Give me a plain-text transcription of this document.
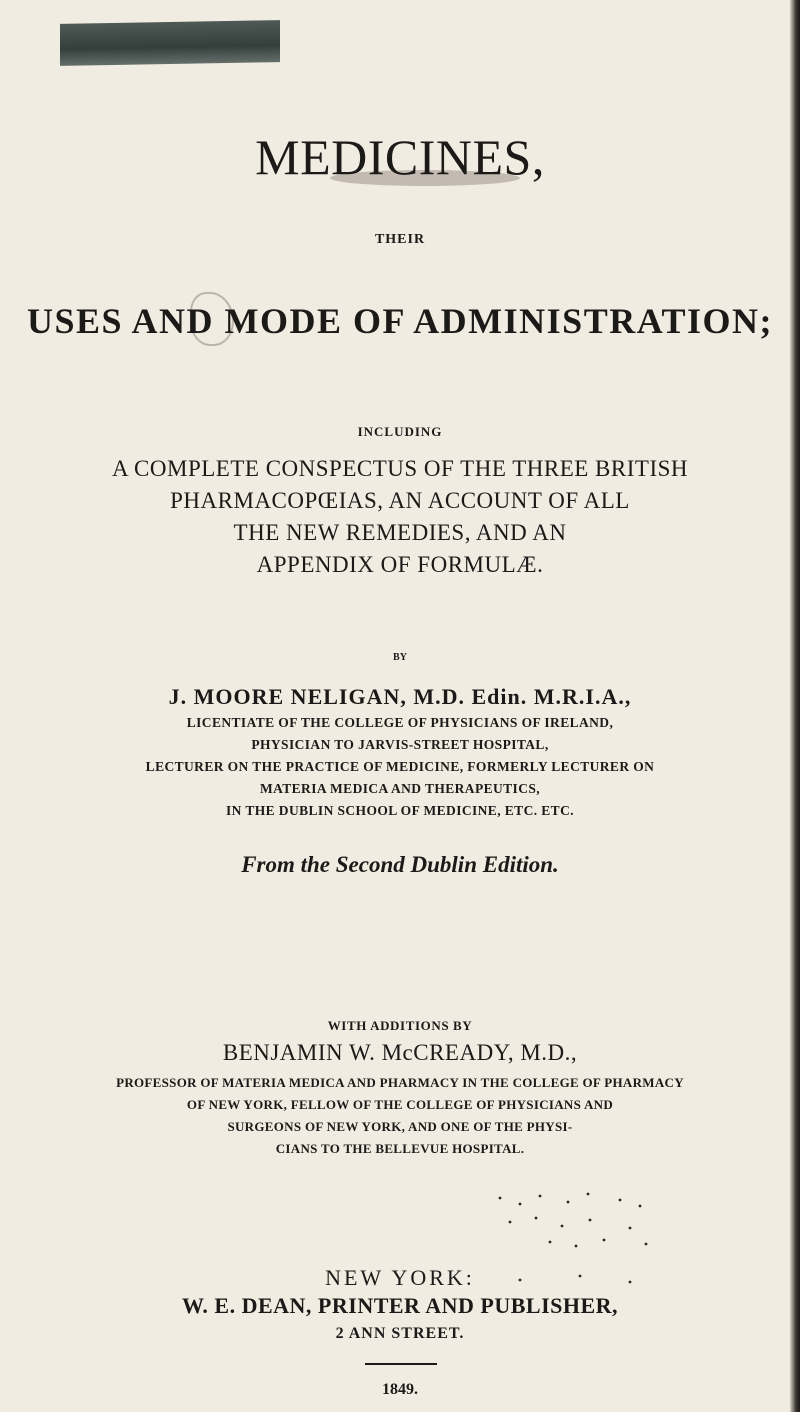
MEDICINES,
THEIR
USES AND MODE OF ADMINISTRATION;
INCLUDING
A COMPLETE CONSPECTUS OF THE THREE BRITISH
PHARMACOPŒIAS, AN ACCOUNT OF ALL
THE NEW REMEDIES, AND AN
APPENDIX OF FORMULÆ.
BY
J. MOORE NELIGAN, M.D. Edin. M.R.I.A.,
LICENTIATE OF THE COLLEGE OF PHYSICIANS OF IRELAND,
PHYSICIAN TO JARVIS-STREET HOSPITAL,
LECTURER ON THE PRACTICE OF MEDICINE, FORMERLY LECTURER ON
MATERIA MEDICA AND THERAPEUTICS,
IN THE DUBLIN SCHOOL OF MEDICINE, ETC. ETC.
From the Second Dublin Edition.
WITH ADDITIONS BY
BENJAMIN W. McCREADY, M.D.,
PROFESSOR OF MATERIA MEDICA AND PHARMACY IN THE COLLEGE OF PHARMACY
OF NEW YORK, FELLOW OF THE COLLEGE OF PHYSICIANS AND
SURGEONS OF NEW YORK, AND ONE OF THE PHYSI-
CIANS TO THE BELLEVUE HOSPITAL.
NEW YORK:
W. E. DEAN, PRINTER AND PUBLISHER,
2 ANN STREET.
1849.
